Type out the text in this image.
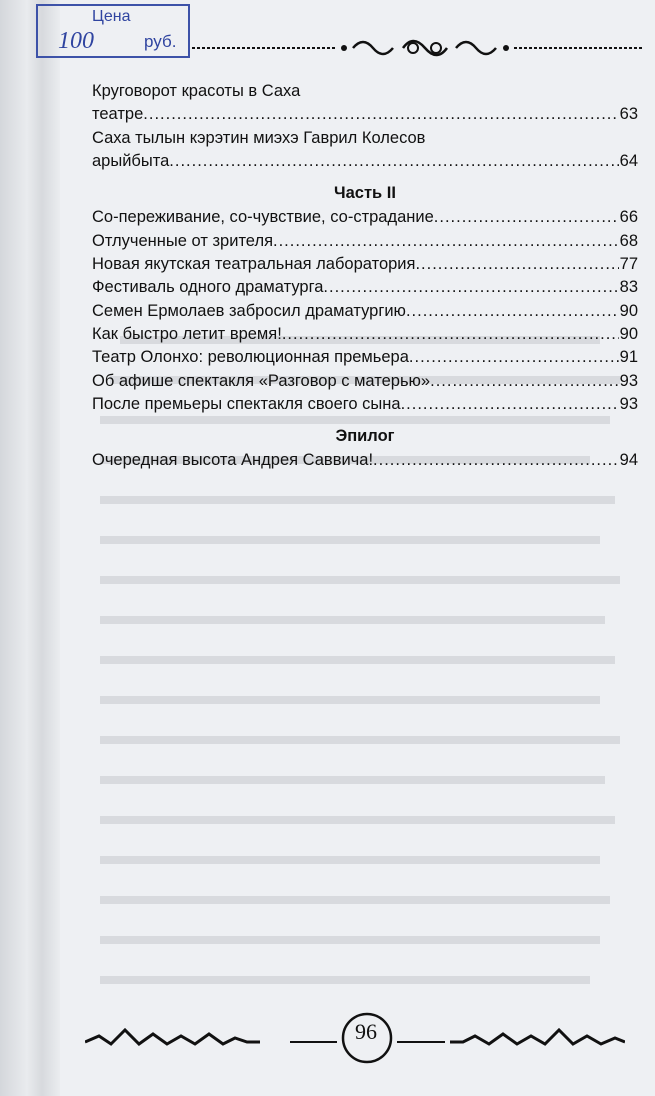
Цена
100	руб.
Круговорот красоты в Саха
театре .....	63
Саха тылын кэрэтин миэхэ Гаврил Колесов
арыйбыта .....	64
Часть II
Со-переживание, со-чувствие, со-страдание .....	66
Отлученные от зрителя .....	68
Новая якутская театральная лаборатория .....	77
Фестиваль одного драматурга .....	83
Семен Ермолаев забросил драматургию .....	90
Как быстро летит время! .....	90
Театр Олонхо: революционная премьера .....	91
Об афише спектакля «Разговор с матерью» .....	93
После премьеры спектакля своего сына .....	93
Эпилог
Очередная высота Андрея Саввича! .....	94
96
